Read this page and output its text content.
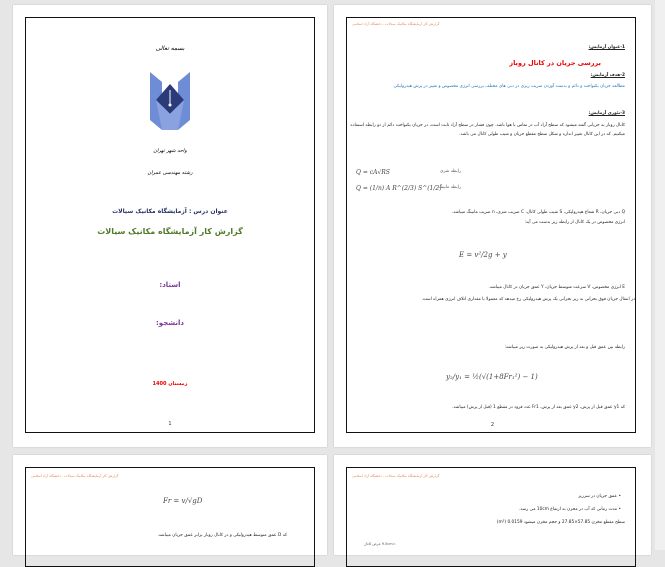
بسمه تعالی
واحد شهر تهران
رشته مهندسی عمران
عنوان درس : آزمایشگاه مکانیک سیالات
گزارش کار آزمایشگاه مکانیک سیالات
استاد:
دانشجو:
زمستان 1400
1
گزارش کار آزمایشگاه مکانیک سیالات - دانشگاه آزاد اسلامی
1-عنوان آزمایش:
بررسی جریان در کانال روباز
2-هدف آزمایش:
مطالعه جریان یکنواخت و دائم و بدست آوردن ضریب زبری در دبی های مختلف بررسی انرژی مخصوص و تغییر در پرش هیدرولیکی
3-تئوری آزمایش:
کانال روباز به جریانی گفته میشود که سطح آزاد آب در تماس با هوا باشد. چون فشار در سطح آزاد ثابت است، در جریان یکنواخت دائم از دو رابطه استفاده میکنیم. که در این کانال تغییر اندازه و شکل سطح مقطع جریان و شیب طولی کانال می باشد.
Q = cA√RS	رابطه شزی
Q = (1/n) A R^(2/3) S^(1/2)
رابطه مانینگ
Q دبی جریان، R شعاع هیدرولیکی، S شیب طولی کانال، C ضریب شزی، n ضریب مانینگ میباشد.
انرژی مخصوص در یک کانال از رابطه زیر بدست می آید:
E = v²/2g + y
E انرژی مخصوص، V سرعت متوسط جریان، Y عمق جریان در کانال میباشد.
در انتقال جریان فوق بحرانی به زیر بحرانی یک پرش هیدرولیکی رخ میدهد که معمولا با مقداری اتلاف انرژی همراه است.
رابطه بین عمق قبل و بعد از پرش هیدرولیکی به صورت زیر میباشد:
y₂/y₁ = ½(√(1+8Fr₁²) − 1)
که y1 عمق قبل از پرش، y2 عمق بعد از پرش، Fr1 عدد فرود در مقطع 1 (قبل از پرش) میباشد.
2
گزارش کار آزمایشگاه مکانیک سیالات - دانشگاه آزاد اسلامی
Fr = v/√gD
که D عمق متوسط هیدرولیکی و در کانال روباز برابر عمق جریان میباشد.
گزارش کار آزمایشگاه مکانیک سیالات - دانشگاه آزاد اسلامی
• عمق جریان در سرریز
• مدت زمانی که آب در مخزن به ارتفاع 10cm می رسد.
سطح مقطع مخزن 57.85×27.85 و حجم مخزن میشود 0.0159 (m³)
=9.5cm عرض کانال
